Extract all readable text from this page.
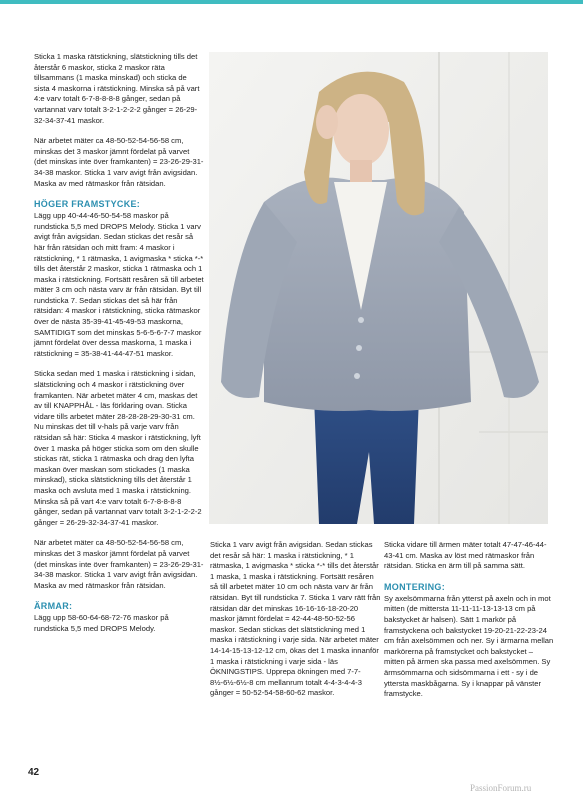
Sticka 1 maska rätstickning, slätstickning tills det återstår 6 maskor, sticka 2 maskor räta tillsammans (1 maska minskad) och sticka de sista 4 maskorna i rätstickning. Minska så på vart 4:e varv totalt 6-7-8-8-8-8 gånger, sedan på vartannat varv totalt 3-2-1-2-2-2 gånger = 26-29-32-34-37-41 maskor.

När arbetet mäter ca 48-50-52-54-56-58 cm, minskas det 3 maskor jämnt fördelat på varvet (det minskas inte över framkanten) = 23-26-29-31-34-38 maskor. Sticka 1 varv avigt från avigsidan. Maska av med rätmaskor från rätsidan.

HÖGER FRAMSTYCKE:

Lägg upp 40-44-46-50-54-58 maskor på rundsticka 5,5 med DROPS Melody. Sticka 1 varv avigt från avigsidan. Sedan stickas det resår så här från rätsidan och mitt fram: 4 maskor i rätstickning, * 1 rätmaska, 1 avigmaska * sticka *-* tills det återstår 2 maskor, sticka 1 rätmaska och 1 maska i rätstickning. Fortsätt resåren så till arbetet mäter 3 cm och nästa varv är från rätsidan. Byt till rundsticka 7. Sedan stickas det så här från rätsidan: 4 maskor i rätstickning, sticka rätmaskor över de nästa 35-39-41-45-49-53 maskorna, SAMTIDIGT som det minskas 5-6-5-6-7-7 maskor jämnt fördelat över dessa maskorna, 1 maska i rätstickning = 35-38-41-44-47-51 maskor.

Sticka sedan med 1 maska i rätstickning i sidan, slätstickning och 4 maskor i rätstickning över framkanten. När arbetet mäter 4 cm, maskas det av till KNAPPHÅL - läs förklaring ovan. Sticka vidare tills arbetet mäter 28-28-28-29-30-31 cm. Nu minskas det till v-hals på varje varv från rätsidan så här: Sticka 4 maskor i rätstickning, lyft över 1 maska på höger sticka som om den skulle stickas rät, sticka 1 rätmaska och drag den lyfta maskan över maskan som stickades (1 maska minskad), sticka slätstickning tills det återstår 1 maska och avsluta med 1 maska i rätstickning. Minska så på vart 4:e varv totalt 6-7-8-8-8-8 gånger, sedan på vartannat varv totalt 3-2-1-2-2-2 gånger = 26-29-32-34-37-41 maskor.

När arbetet mäter ca 48-50-52-54-56-58 cm, minskas det 3 maskor jämnt fördelat på varvet (det minskas inte över framkanten) = 23-26-29-31-34-38 maskor. Sticka 1 varv avigt från avigsidan. Maska av med rätmaskor från rätsidan.

ÄRMAR:

Lägg upp 58-60-64-68-72-76 maskor på rundsticka 5,5 med DROPS Melody.

Sticka 1 varv avigt från avigsidan. Sedan stickas det resår så här: 1 maska i rätstickning, * 1 rätmaska, 1 avigmaska * sticka *-* tills det återstår 1 maska, 1 maska i rätstickning. Fortsätt resåren så till arbetet mäter 10 cm och nästa varv är från rätsidan. Byt till rundsticka 7. Sticka 1 varv rätt från rätsidan där det minskas 16-16-16-18-20-20 maskor jämnt fördelat = 42-44-48-50-52-56 maskor. Sedan stickas det slätstickning med 1 maska i rätstickning i varje sida. När arbetet mäter 14-14-15-13-12-12 cm, ökas det 1 maska innanför 1 maska i rätstickning i varje sida - läs ÖKNINGSTIPS. Upprepa ökningen med 7-7-8½-6½-6½-8 cm mellanrum totalt 4-4-3-4-4-3 gånger = 50-52-54-58-60-62 maskor.

Sticka vidare till ärmen mäter totalt 47-47-46-44-43-41 cm. Maska av löst med rätmaskor från rätsidan. Sticka en ärm till på samma sätt.

MONTERING:

Sy axelsömmarna från ytterst på axeln och in mot mitten (de mittersta 11-11-11-13-13-13 cm på bakstycket är halsen). Sätt 1 markör på framstyckena och bakstycket 19-20-21-22-23-24 cm från axelsömmen och ner. Sy i ärmarna mellan markörerna på framstycket och bakstycket – mitten på ärmen ska passa med axelsömmen. Sy ärmsömmarna och sidsömmarna i ett - sy i de yttersta maskbågarna. Sy i knappar på vänster framstycke.

42
PassionForum.ru
